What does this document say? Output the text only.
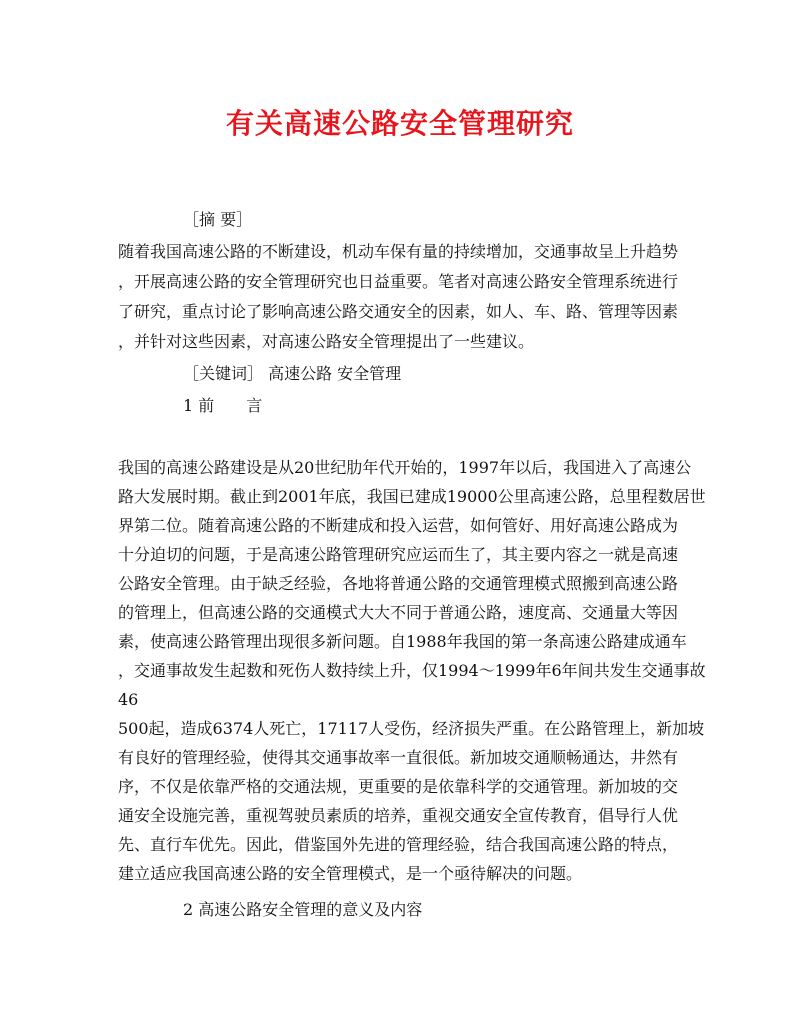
有关高速公路安全管理研究

［摘 要］

随着我国高速公路的不断建设，机动车保有量的持续增加，交通事故呈上升趋势

，开展高速公路的安全管理研究也日益重要。笔者对高速公路安全管理系统进行

了研究，重点讨论了影响高速公路交通安全的因素，如人、车、路、管理等因素

，并针对这些因素，对高速公路安全管理提出了一些建议。

［关键词］ 高速公路 安全管理

1 前　　言

我国的高速公路建设是从20世纪肋年代开始的，1997年以后，我国进入了高速公

路大发展时期。截止到2001年底，我国已建成19000公里高速公路，总里程数居世

界第二位。随着高速公路的不断建成和投入运营，如何管好、用好高速公路成为

十分迫切的问题，于是高速公路管理研究应运而生了，其主要内容之一就是高速

公路安全管理。由于缺乏经验，各地将普通公路的交通管理模式照搬到高速公路

的管理上，但高速公路的交通模式大大不同于普通公路，速度高、交通量大等因

素，使高速公路管理出现很多新问题。自1988年我国的第一条高速公路建成通车

，交通事故发生起数和死伤人数持续上升，仅1994～1999年6年间共发生交通事故

46

500起，造成6374人死亡，17117人受伤，经济损失严重。在公路管理上，新加坡

有良好的管理经验，使得其交通事故率一直很低。新加坡交通顺畅通达，井然有

序，不仅是依靠严格的交通法规，更重要的是依靠科学的交通管理。新加坡的交

通安全设施完善，重视驾驶员素质的培养，重视交通安全宣传教育，倡导行人优

先、直行车优先。因此，借鉴国外先进的管理经验，结合我国高速公路的特点，

建立适应我国高速公路的安全管理模式，是一个亟待解决的问题。

2 高速公路安全管理的意义及内容
